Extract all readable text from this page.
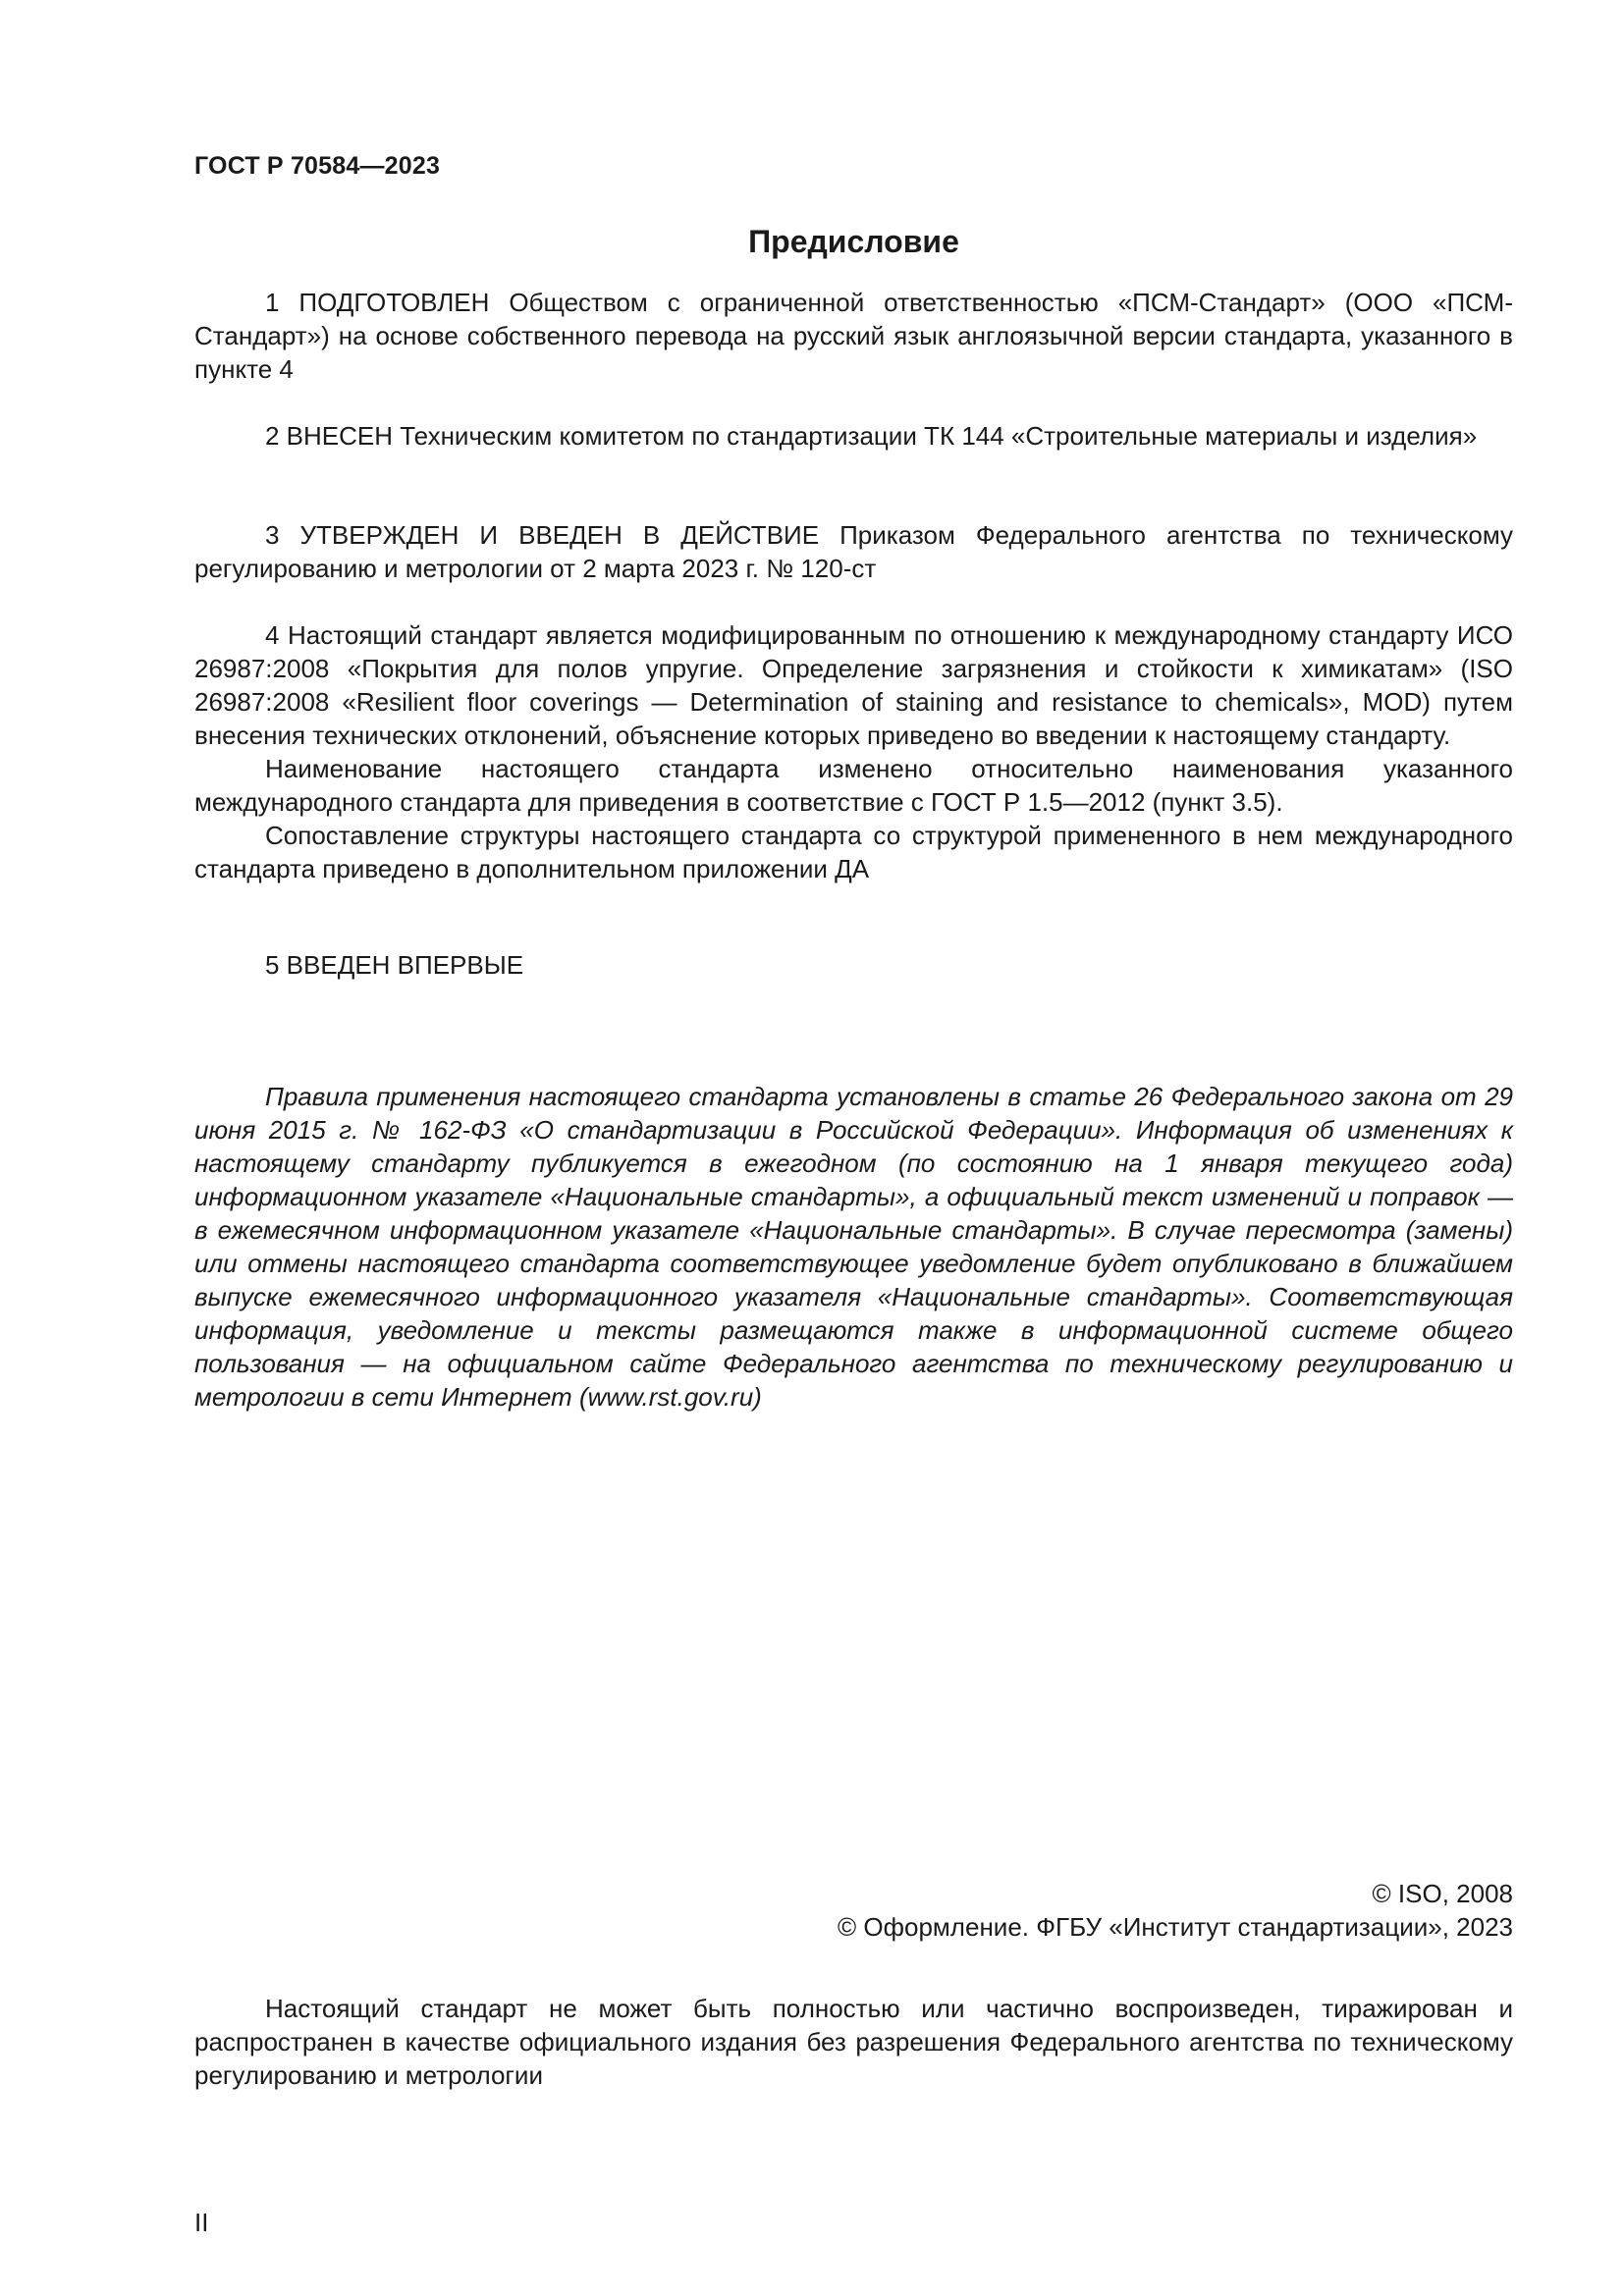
ГОСТ Р 70584—2023
Предисловие

1 ПОДГОТОВЛЕН Обществом с ограниченной ответственностью «ПСМ-Стандарт» (ООО «ПСМ-Стандарт») на основе собственного перевода на русский язык англоязычной версии стандарта, указанного в пункте 4

2 ВНЕСЕН Техническим комитетом по стандартизации ТК 144 «Строительные материалы и изделия»

3 УТВЕРЖДЕН И ВВЕДЕН В ДЕЙСТВИЕ Приказом Федерального агентства по техническому регулированию и метрологии от 2 марта 2023 г. № 120-ст

4 Настоящий стандарт является модифицированным по отношению к международному стандарту ИСО 26987:2008 «Покрытия для полов упругие. Определение загрязнения и стойкости к химикатам» (ISO 26987:2008 «Resilient floor coverings — Determination of staining and resistance to chemicals», MOD) путем внесения технических отклонений, объяснение которых приведено во введении к настоящему стандарту.

Наименование настоящего стандарта изменено относительно наименования указанного международного стандарта для приведения в соответствие с ГОСТ Р 1.5—2012 (пункт 3.5).

Сопоставление структуры настоящего стандарта со структурой примененного в нем международного стандарта приведено в дополнительном приложении ДА

5 ВВЕДЕН ВПЕРВЫЕ

Правила применения настоящего стандарта установлены в статье 26 Федерального закона от 29 июня 2015 г. № 162-ФЗ «О стандартизации в Российской Федерации». Информация об изменениях к настоящему стандарту публикуется в ежегодном (по состоянию на 1 января текущего года) информационном указателе «Национальные стандарты», а официальный текст изменений и поправок — в ежемесячном информационном указателе «Национальные стандарты». В случае пересмотра (замены) или отмены настоящего стандарта соответствующее уведомление будет опубликовано в ближайшем выпуске ежемесячного информационного указателя «Национальные стандарты». Соответствующая информация, уведомление и тексты размещаются также в информационной системе общего пользования — на официальном сайте Федерального агентства по техническому регулированию и метрологии в сети Интернет (www.rst.gov.ru)

© ISO, 2008
© Оформление. ФГБУ «Институт стандартизации», 2023

Настоящий стандарт не может быть полностью или частично воспроизведен, тиражирован и распространен в качестве официального издания без разрешения Федерального агентства по техническому регулированию и метрологии

II
